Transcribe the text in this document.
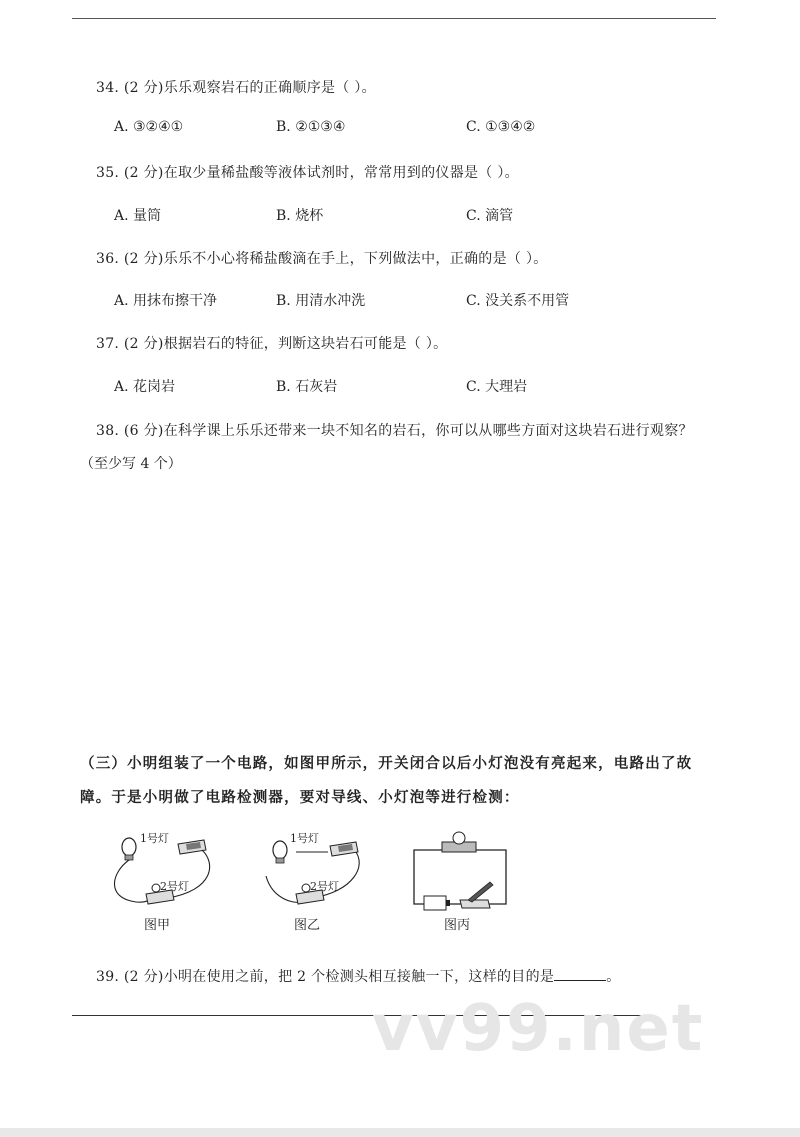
34. (2 分)乐乐观察岩石的正确顺序是（ ）。
A. ③②④①	B. ②①③④	C. ①③④②
35. (2 分)在取少量稀盐酸等液体试剂时，常常用到的仪器是（ ）。
A. 量筒	B. 烧杯	C. 滴管
36. (2 分)乐乐不小心将稀盐酸滴在手上，下列做法中，正确的是（ ）。
A. 用抹布擦干净	B. 用清水冲洗	C. 没关系不用管
37. (2 分)根据岩石的特征，判断这块岩石可能是（ ）。
A. 花岗岩	B. 石灰岩	C. 大理岩
38. (6 分)在科学课上乐乐还带来一块不知名的岩石，你可以从哪些方面对这块岩石进行观察？
（至少写 4 个）
（三）小明组装了一个电路，如图甲所示，开关闭合以后小灯泡没有亮起来，电路出了故
障。于是小明做了电路检测器，要对导线、小灯泡等进行检测：
1号灯
2号灯
图甲
1号灯
2号灯
图乙	图丙
39. (2 分)小明在使用之前，把 2 个检测头相互接触一下，这样的目的是	。
vv99.net
